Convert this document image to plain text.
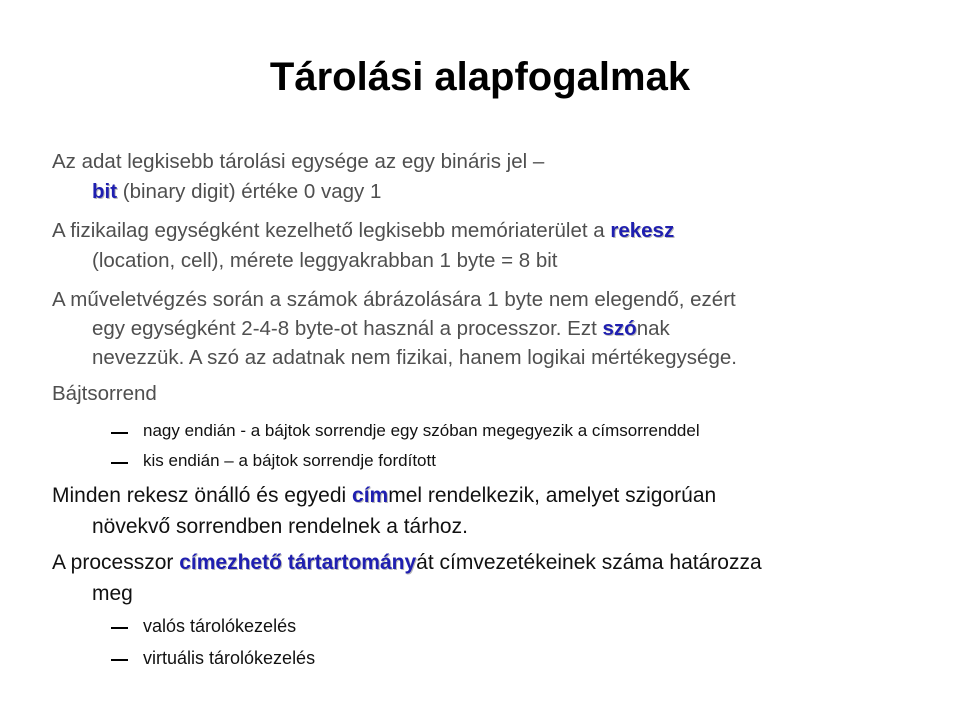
Tárolási alapfogalmak
Az adat legkisebb tárolási egysége az egy bináris jel –
bit (binary digit) értéke 0 vagy 1
A fizikailag egységként kezelhető legkisebb memóriaterület a rekesz
(location, cell), mérete leggyakrabban 1 byte = 8 bit
A műveletvégzés során a számok ábrázolására 1 byte nem elegendő, ezért
egy egységként 2-4-8 byte-ot használ a processzor. Ezt szónak
nevezzük. A szó az adatnak nem fizikai, hanem logikai mértékegysége.
Bájtsorrend
nagy endián - a bájtok sorrendje egy szóban megegyezik a címsorrenddel
kis endián – a bájtok sorrendje fordított
Minden rekesz önálló és egyedi címmel rendelkezik, amelyet szigorúan
növekvő sorrendben rendelnek a tárhoz.
A processzor címezhető tártartományát címvezetékeinek száma határozza
meg
valós tárolókezelés
virtuális tárolókezelés
